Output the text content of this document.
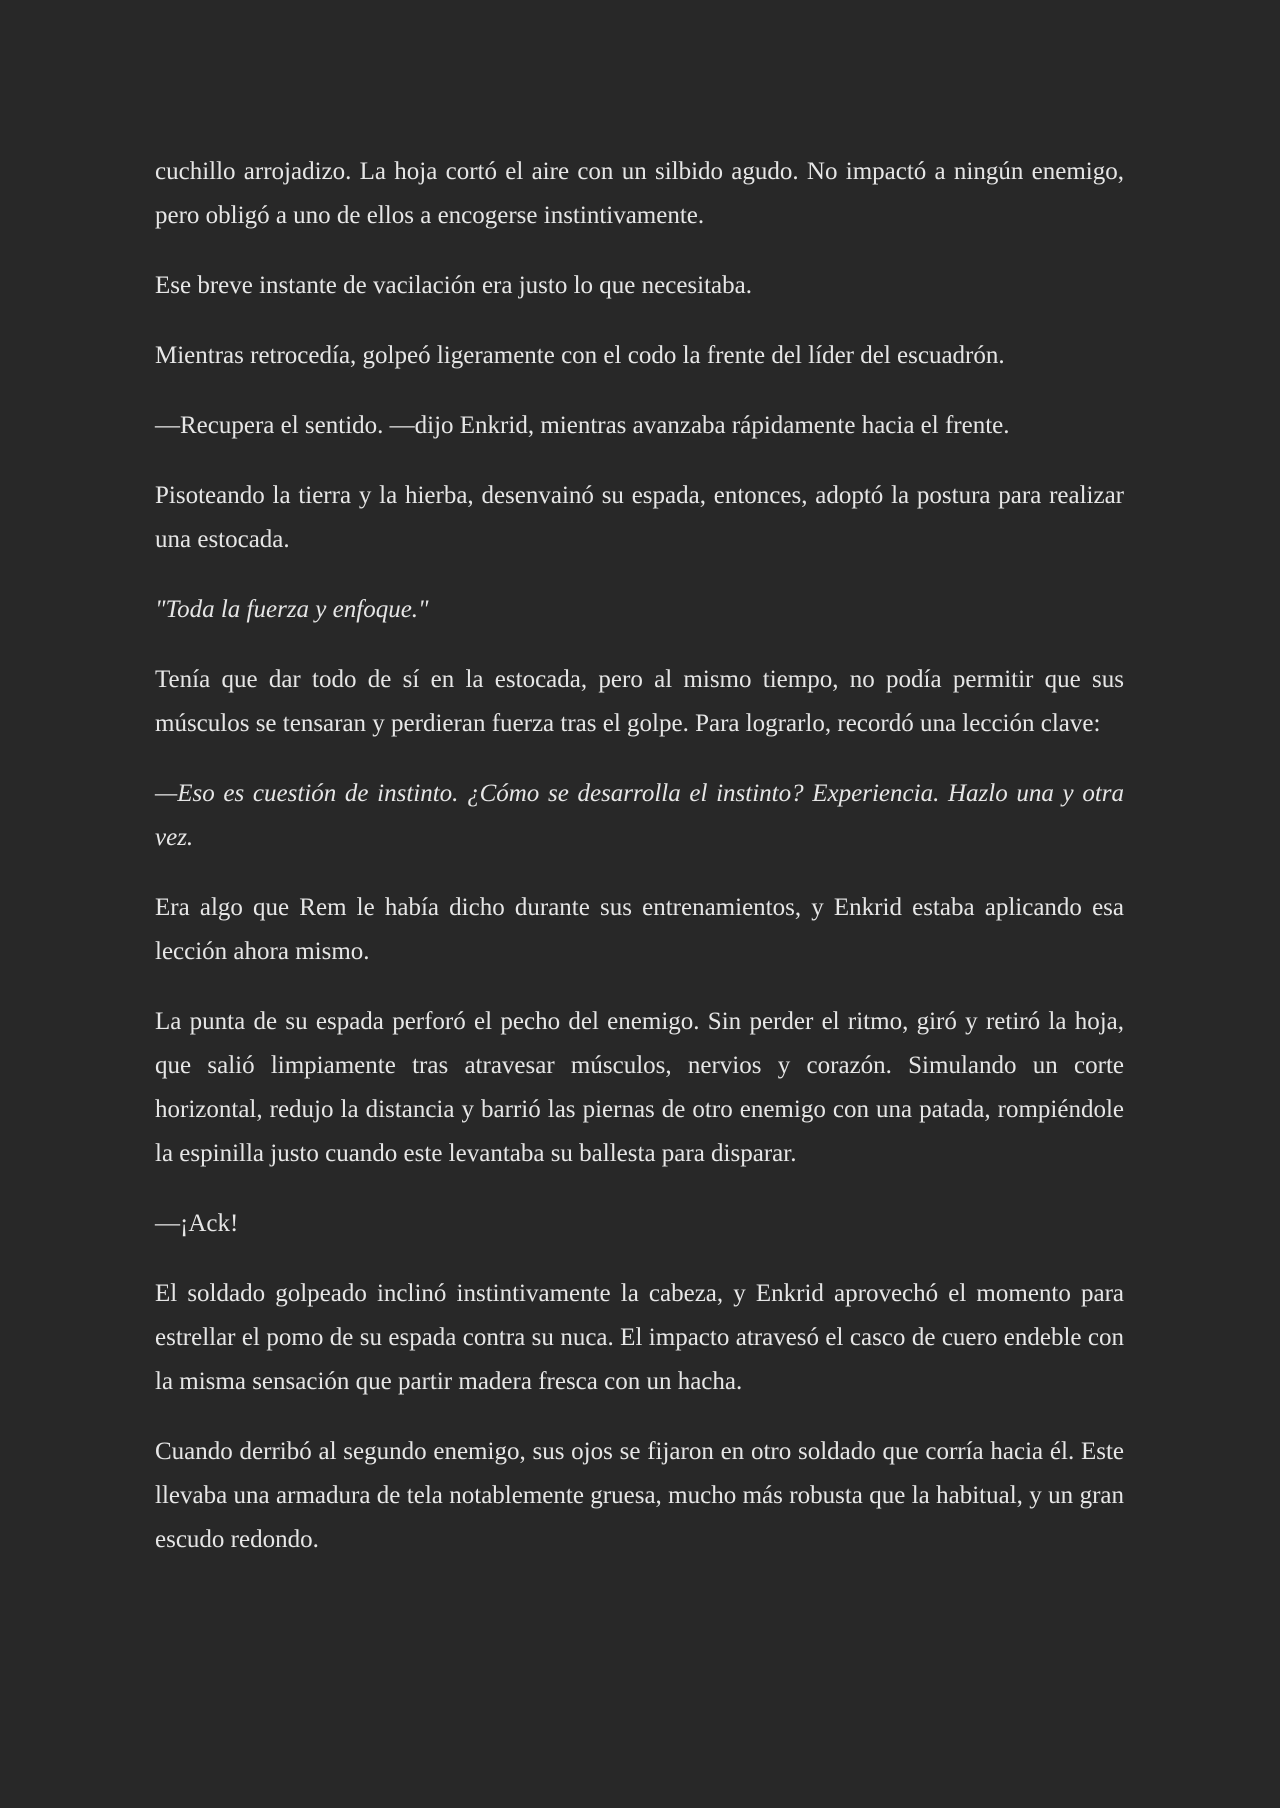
cuchillo arrojadizo. La hoja cortó el aire con un silbido agudo. No impactó a ningún enemigo, pero obligó a uno de ellos a encogerse instintivamente.

Ese breve instante de vacilación era justo lo que necesitaba.

Mientras retrocedía, golpeó ligeramente con el codo la frente del líder del escuadrón.

—Recupera el sentido. —dijo Enkrid, mientras avanzaba rápidamente hacia el frente.

Pisoteando la tierra y la hierba, desenvainó su espada, entonces, adoptó la postura para realizar una estocada.

"Toda la fuerza y enfoque."

Tenía que dar todo de sí en la estocada, pero al mismo tiempo, no podía permitir que sus músculos se tensaran y perdieran fuerza tras el golpe. Para lograrlo, recordó una lección clave:

—Eso es cuestión de instinto. ¿Cómo se desarrolla el instinto? Experiencia. Hazlo una y otra vez.

Era algo que Rem le había dicho durante sus entrenamientos, y Enkrid estaba aplicando esa lección ahora mismo.

La punta de su espada perforó el pecho del enemigo. Sin perder el ritmo, giró y retiró la hoja, que salió limpiamente tras atravesar músculos, nervios y corazón. Simulando un corte horizontal, redujo la distancia y barrió las piernas de otro enemigo con una patada, rompiéndole la espinilla justo cuando este levantaba su ballesta para disparar.

—¡Ack!

El soldado golpeado inclinó instintivamente la cabeza, y Enkrid aprovechó el momento para estrellar el pomo de su espada contra su nuca. El impacto atravesó el casco de cuero endeble con la misma sensación que partir madera fresca con un hacha.

Cuando derribó al segundo enemigo, sus ojos se fijaron en otro soldado que corría hacia él. Este llevaba una armadura de tela notablemente gruesa, mucho más robusta que la habitual, y un gran escudo redondo.
